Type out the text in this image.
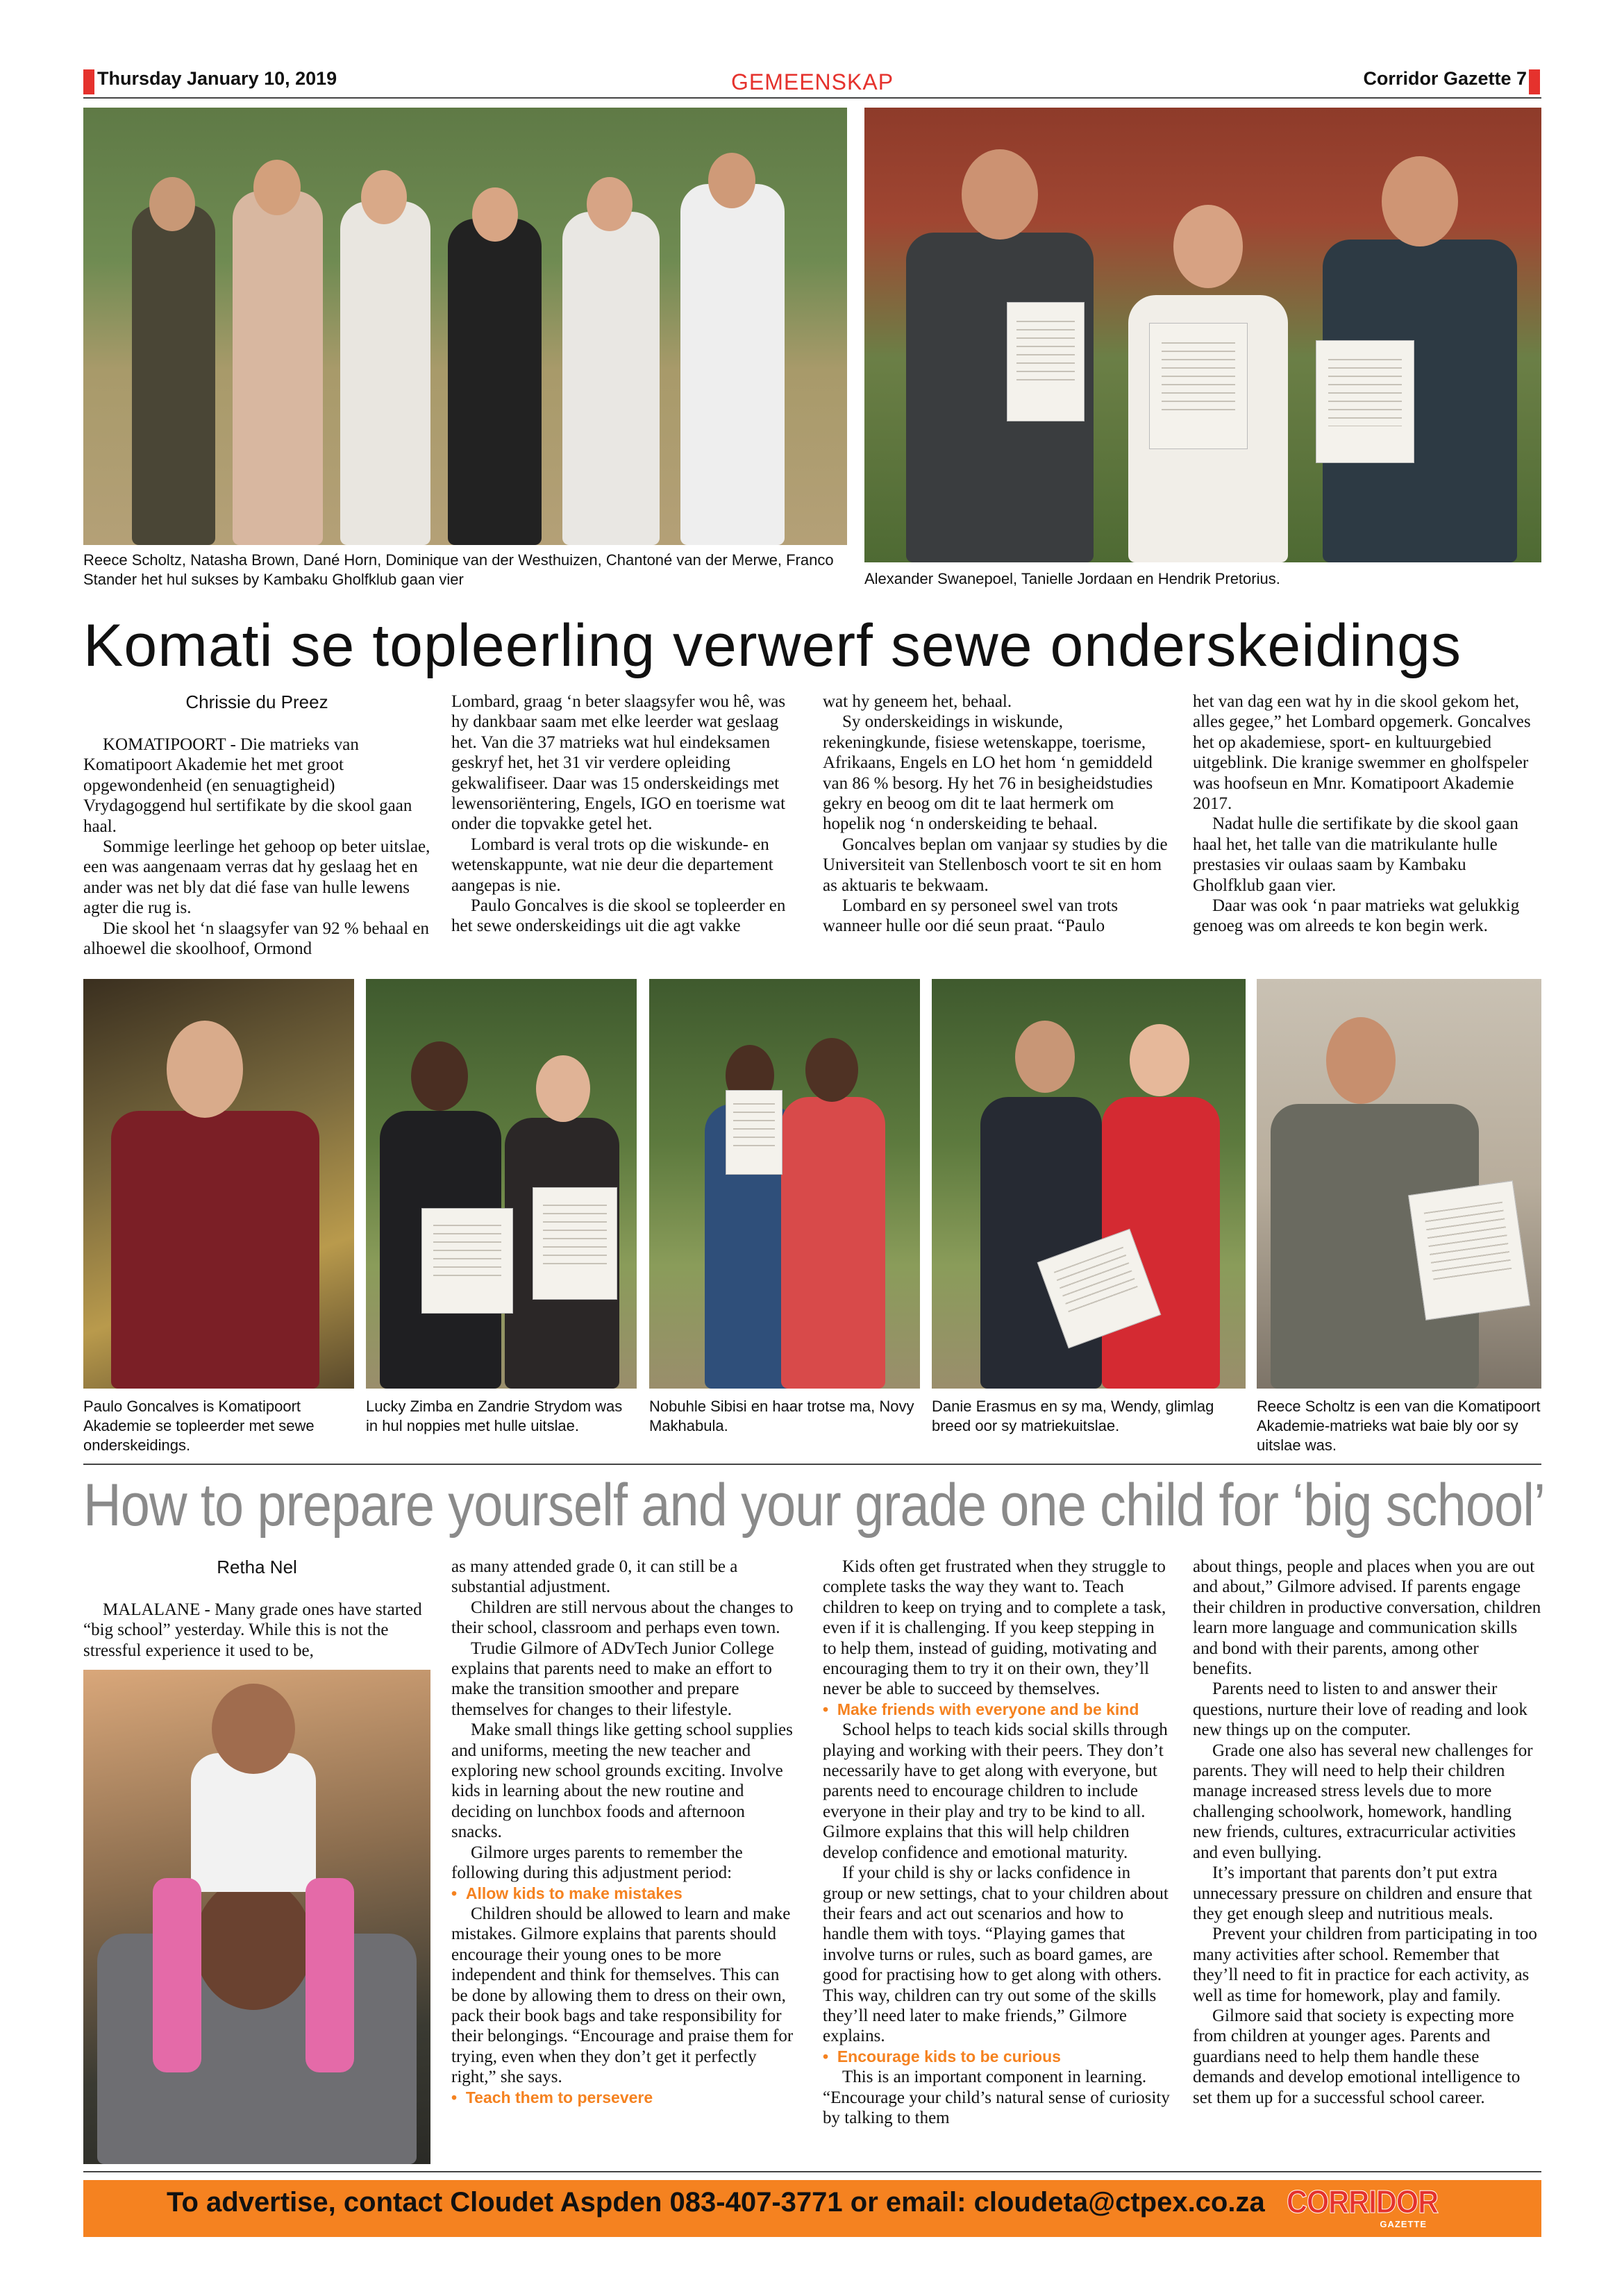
Thursday January 10, 2019	GEMEENSKAP	Corridor Gazette 7
Reece Scholtz, Natasha Brown, Dané Horn, Dominique van der Westhuizen, Chantoné van der Merwe, Franco Stander het hul sukses by Kambaku Gholfklub gaan vier	Alexander Swanepoel, Tanielle Jordaan en Hendrik Pretorius.
Komati se topleerling verwerf sewe onderskeidings
Chrissie du Preez

KOMATIPOORT - Die matrieks van Komatipoort Akademie het met groot opgewondenheid (en senuagtigheid) Vrydagoggend hul sertifikate by die skool gaan haal.

Sommige leerlinge het gehoop op beter uitslae, een was aangenaam verras dat hy geslaag het en ander was net bly dat dié fase van hulle lewens agter die rug is.

Die skool het ‘n slaagsyfer van 92 % behaal en alhoewel die skoolhoof, Ormond

Lombard, graag ‘n beter slaagsyfer wou hê, was hy dankbaar saam met elke leerder wat geslaag het. Van die 37 matrieks wat hul eindeksamen geskryf het, het 31 vir verdere opleiding gekwalifiseer. Daar was 15 onderskeidings met lewensoriëntering, Engels, IGO en toerisme wat onder die topvakke getel het.

Lombard is veral trots op die wiskunde- en wetenskappunte, wat nie deur die departement aangepas is nie.

Paulo Goncalves is die skool se topleerder en het sewe onderskeidings uit die agt vakke

wat hy geneem het, behaal.

Sy onderskeidings in wiskunde, rekeningkunde, fisiese wetenskappe, toerisme, Afrikaans, Engels en LO het hom ‘n gemiddeld van 86 % besorg. Hy het 76 in besigheidstudies gekry en beoog om dit te laat hermerk om hopelik nog ‘n onderskeiding te behaal.

Goncalves beplan om vanjaar sy studies by die Universiteit van Stellenbosch voort te sit en hom as aktuaris te bekwaam.

Lombard en sy personeel swel van trots wanneer hulle oor dié seun praat. “Paulo

het van dag een wat hy in die skool gekom het, alles gegee,” het Lombard opgemerk. Goncalves het op akademiese, sport- en kultuurgebied uitgeblink. Die kranige swemmer en gholfspeler was hoofseun en Mnr. Komatipoort Akademie 2017.

Nadat hulle die sertifikate by die skool gaan haal het, het talle van die matrikulante hulle prestasies vir oulaas saam by Kambaku Gholfklub gaan vier.

Daar was ook ‘n paar matrieks wat gelukkig genoeg was om alreeds te kon begin werk.

Paulo Goncalves is Komatipoort Akademie se topleerder met sewe onderskeidings.
Lucky Zimba en Zandrie Strydom was in hul noppies met hulle uitslae.
Nobuhle Sibisi en haar trotse ma, Novy Makhabula.
Danie Erasmus en sy ma, Wendy, glimlag breed oor sy matriekuitslae.
Reece Scholtz is een van die Komatipoort Akademie-matrieks wat baie bly oor sy uitslae was.
How to prepare yourself and your grade one child for ‘big school’
Retha Nel

MALALANE - Many grade ones have started “big school” yesterday. While this is not the stressful experience it used to be,

as many attended grade 0, it can still be a substantial adjustment.

Children are still nervous about the changes to their school, classroom and perhaps even town.

Trudie Gilmore of ADvTech Junior College explains that parents need to make an effort to make the transition smoother and prepare themselves for changes to their lifestyle.

Make small things like getting school supplies and uniforms, meeting the new teacher and exploring new school grounds exciting. Involve kids in learning about the new routine and deciding on lunchbox foods and afternoon snacks.

Gilmore urges parents to remember the following during this adjustment period:

•  Allow kids to make mistakes

Children should be allowed to learn and make mistakes. Gilmore explains that parents should encourage their young ones to be more independent and think for themselves. This can be done by allowing them to dress on their own, pack their book bags and take responsibility for their belongings. “Encourage and praise them for trying, even when they don’t get it perfectly right,” she says.

•  Teach them to persevere

Kids often get frustrated when they struggle to complete tasks the way they want to. Teach children to keep on trying and to complete a task, even if it is challenging. If you keep stepping in to help them, instead of guiding, motivating and encouraging them to try it on their own, they’ll never be able to succeed by themselves.

•  Make friends with everyone and be kind

School helps to teach kids social skills through playing and working with their peers. They don’t necessarily have to get along with everyone, but parents need to encourage children to include everyone in their play and try to be kind to all. Gilmore explains that this will help children develop confidence and emotional maturity.

If your child is shy or lacks confidence in group or new settings, chat to your children about their fears and act out scenarios and how to handle them with toys. “Playing games that involve turns or rules, such as board games, are good for practising how to get along with others. This way, children can try out some of the skills they’ll need later to make friends,” Gilmore explains.

•  Encourage kids to be curious

This is an important component in learning. “Encourage your child’s natural sense of curiosity by talking to them

about things, people and places when you are out and about,” Gilmore advised. If parents engage their children in productive conversation, children learn more language and communication skills and bond with their parents, among other benefits.

Parents need to listen to and answer their questions, nurture their love of reading and look new things up on the computer.

Grade one also has several new challenges for parents. They will need to help their children manage increased stress levels due to more challenging schoolwork, homework, handling new friends, cultures, extracurricular activities and even bullying.

It’s important that parents don’t put extra unnecessary pressure on children and ensure that they get enough sleep and nutritious meals.

Prevent your children from participating in too many activities after school. Remember that they’ll need to fit in practice for each activity, as well as time for homework, play and family.

Gilmore said that society is expecting more from children at younger ages. Parents and guardians need to help them handle these demands and develop emotional intelligence to set them up for a successful school career.

To advertise, contact Cloudet Aspden 083-407-3771 or email: cloudeta@ctpex.co.za CORRIDOR
GAZETTE
